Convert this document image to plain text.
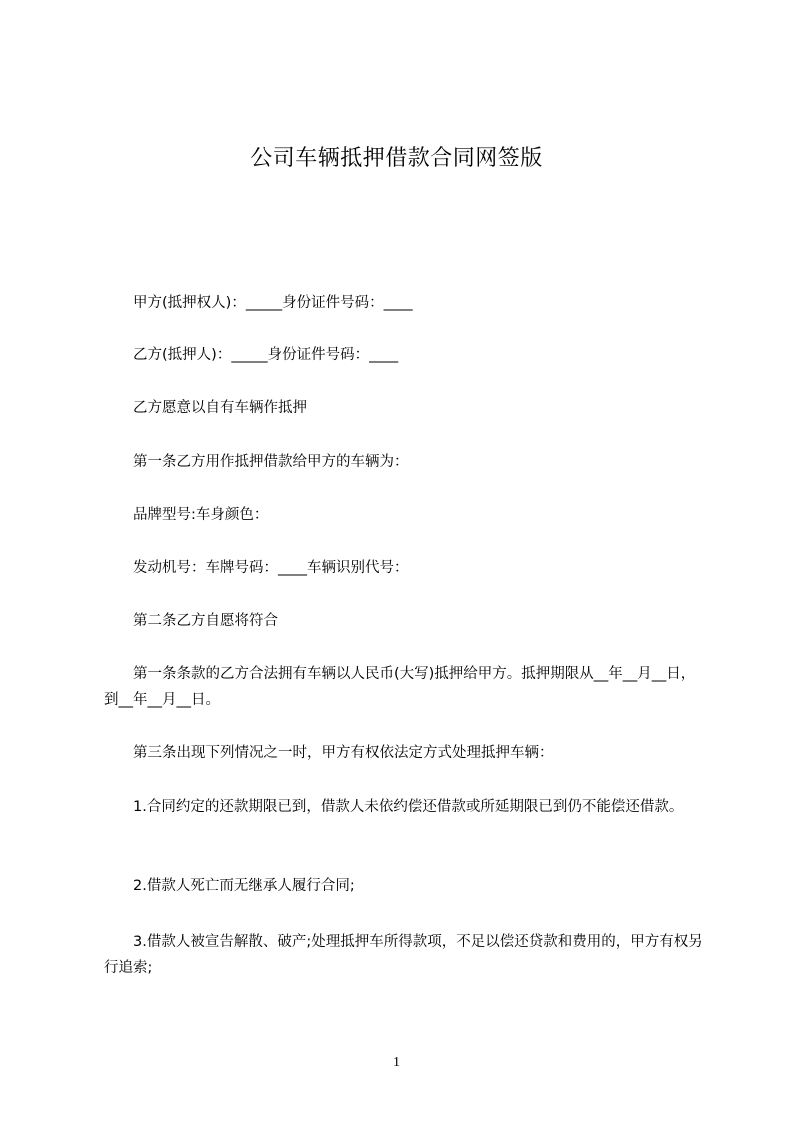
公司车辆抵押借款合同网签版

　　甲方(抵押权人)：_____身份证件号码：____

　　乙方(抵押人)：_____身份证件号码：____

　　乙方愿意以自有车辆作抵押

　　第一条乙方用作抵押借款给甲方的车辆为：

　　品牌型号:车身颜色：

　　发动机号：车牌号码：____车辆识别代号：

　　第二条乙方自愿将符合

　　第一条条款的乙方合法拥有车辆以人民币(大写)抵押给甲方。抵押期限从__年__月__日，到__年__月__日。

　　第三条出现下列情况之一时，甲方有权依法定方式处理抵押车辆：

　　1.合同约定的还款期限已到，借款人未依约偿还借款或所延期限已到仍不能偿还借款。

　　2.借款人死亡而无继承人履行合同;

　　3.借款人被宣告解散、破产;处理抵押车所得款项，不足以偿还贷款和费用的，甲方有权另行追索;

1
